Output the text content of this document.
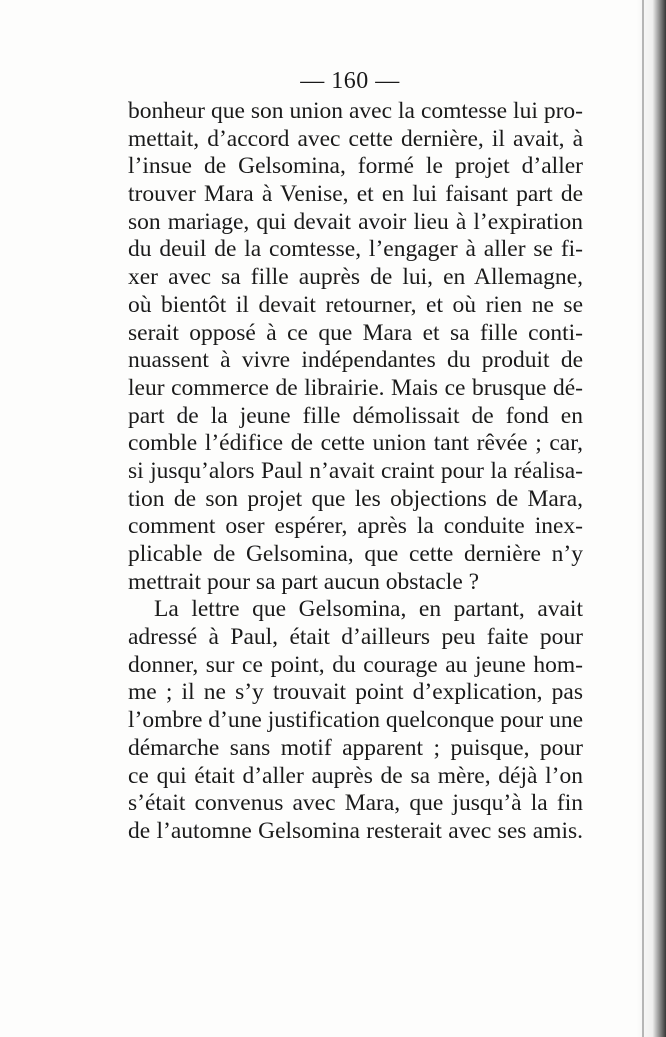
— 160 —
bonheur que son union avec la comtesse lui pro-
mettait, d’accord avec cette dernière, il avait, à
l’insue de Gelsomina, formé le projet d’aller
trouver Mara à Venise, et en lui faisant part de
son mariage, qui devait avoir lieu à l’expiration
du deuil de la comtesse, l’engager à aller se fi-
xer avec sa fille auprès de lui, en Allemagne,
où bientôt il devait retourner, et où rien ne se
serait opposé à ce que Mara et sa fille conti-
nuassent à vivre indépendantes du produit de
leur commerce de librairie. Mais ce brusque dé-
part de la jeune fille démolissait de fond en
comble l’édifice de cette union tant rêvée ; car,
si jusqu’alors Paul n’avait craint pour la réalisa-
tion de son projet que les objections de Mara,
comment oser espérer, après la conduite inex-
plicable de Gelsomina, que cette dernière n’y
mettrait pour sa part aucun obstacle ?
La lettre que Gelsomina, en partant, avait
adressé à Paul, était d’ailleurs peu faite pour
donner, sur ce point, du courage au jeune hom-
me ; il ne s’y trouvait point d’explication, pas
l’ombre d’une justification quelconque pour une
démarche sans motif apparent ; puisque, pour
ce qui était d’aller auprès de sa mère, déjà l’on
s’était convenus avec Mara, que jusqu’à la fin
de l’automne Gelsomina resterait avec ses amis.
